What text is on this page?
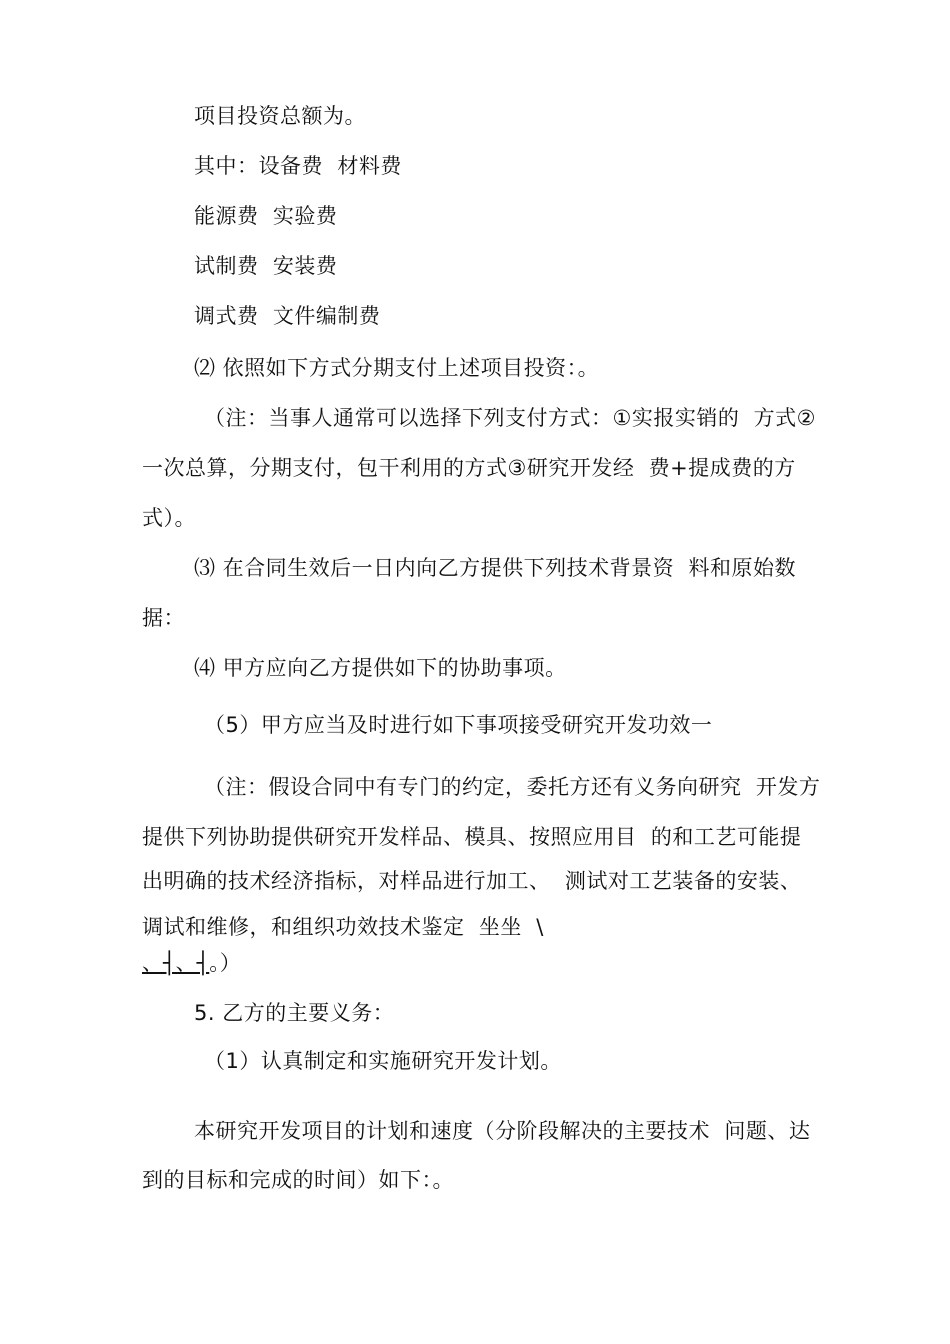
项目投资总额为。
其中：设备费  材料费
能源费  实验费
试制费  安装费
调式费  文件编制费
⑵ 依照如下方式分期支付上述项目投资：。
（注：当事人通常可以选择下列支付方式：①实报实销的  方式②
一次总算，分期支付，包干利用的方式③研究开发经  费+提成费的方
式）。
⑶ 在合同生效后一日内向乙方提供下列技术背景资  料和原始数
据：
⑷ 甲方应向乙方提供如下的协助事项。
（5）甲方应当及时进行如下事项接受研究开发功效一
（注：假设合同中有专门的约定，委托方还有义务向研究  开发方
提供下列协助提供研究开发样品、模具、按照应用目  的和工艺可能提
出明确的技术经济指标，对样品进行加工、  测试对工艺装备的安装、
调试和维修，和组织功效技术鉴定  坐坐  \
、┤、┤。）
5. 乙方的主要义务：
（1）认真制定和实施研究开发计划。
本研究开发项目的计划和速度（分阶段解决的主要技术  问题、达
到的目标和完成的时间）如下：。
